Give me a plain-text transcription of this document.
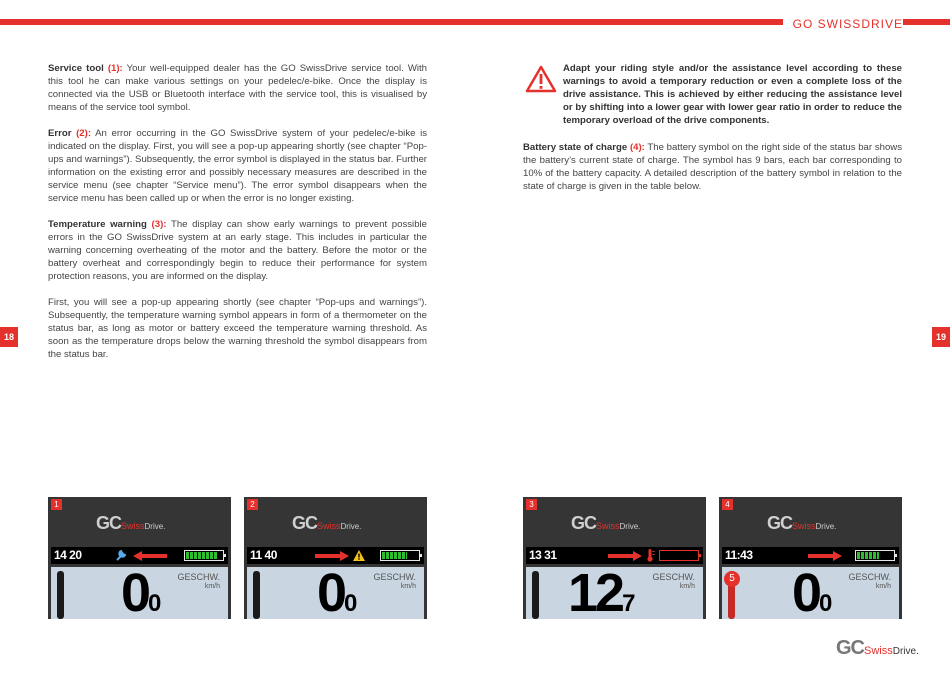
GO SWISSDRIVE
18	19

Service tool (1): Your well-equipped dealer has the GO SwissDrive service tool. With this tool he can make various settings on your pedelec/e-bike. Once the display is connected via the USB or Bluetooth interface with the service tool, this is visualised by means of the service tool symbol.

Error (2): An error occurring in the GO SwissDrive system of your pedelec/e-bike is indicated on the display. First, you will see a pop-up appearing shortly (see chapter “Pop-ups and warnings”). Subsequently, the error symbol is displayed in the status bar. Further information on the existing error and possibly necessary measures are described in the service menu (see chapter “Service menu”). The error symbol disappears when the service menu has been called up or when the error is no longer existing.

Temperature warning (3): The display can show early warnings to prevent possible errors in the GO SwissDrive system at an early stage. This includes in particular the warning concerning overheating of the motor and the battery. Before the motor or the battery overheat and correspondingly begin to reduce their performance for system protection reasons, you are informed on the display.

First, you will see a pop-up appearing shortly (see chapter “Pop-ups and warnings”). Subsequently, the temperature warning symbol appears in form of a thermometer on the status bar, as long as motor or battery exceed the temperature warning threshold. As soon as the temperature drops below the warning threshold the symbol disappears from the status bar.

Adapt your riding style and/or the assistance level according to these warnings to avoid a temporary reduction or even a complete loss of the drive assistance. This is achieved by either reducing the assistance level or by shifting into a lower gear with lower gear ratio in order to reduce the temporary overload of the drive components.

Battery state of charge (4): The battery symbol on the right side of the status bar shows the battery’s current state of charge. The symbol has 9 bars, each bar corresponding to 10% of the battery capacity. A detailed description of the battery symbol in relation to the state of charge is given in the table below.

1
GCSwissDrive.
14 20
00
GESCHW.
km/h
2
GCSwissDrive.
11 40
00
GESCHW.
km/h
3
GCSwissDrive.
13 31
127
GESCHW.
km/h
4
GCSwissDrive.
11:43
5 00
GESCHW.
km/h
GCSwissDrive.
